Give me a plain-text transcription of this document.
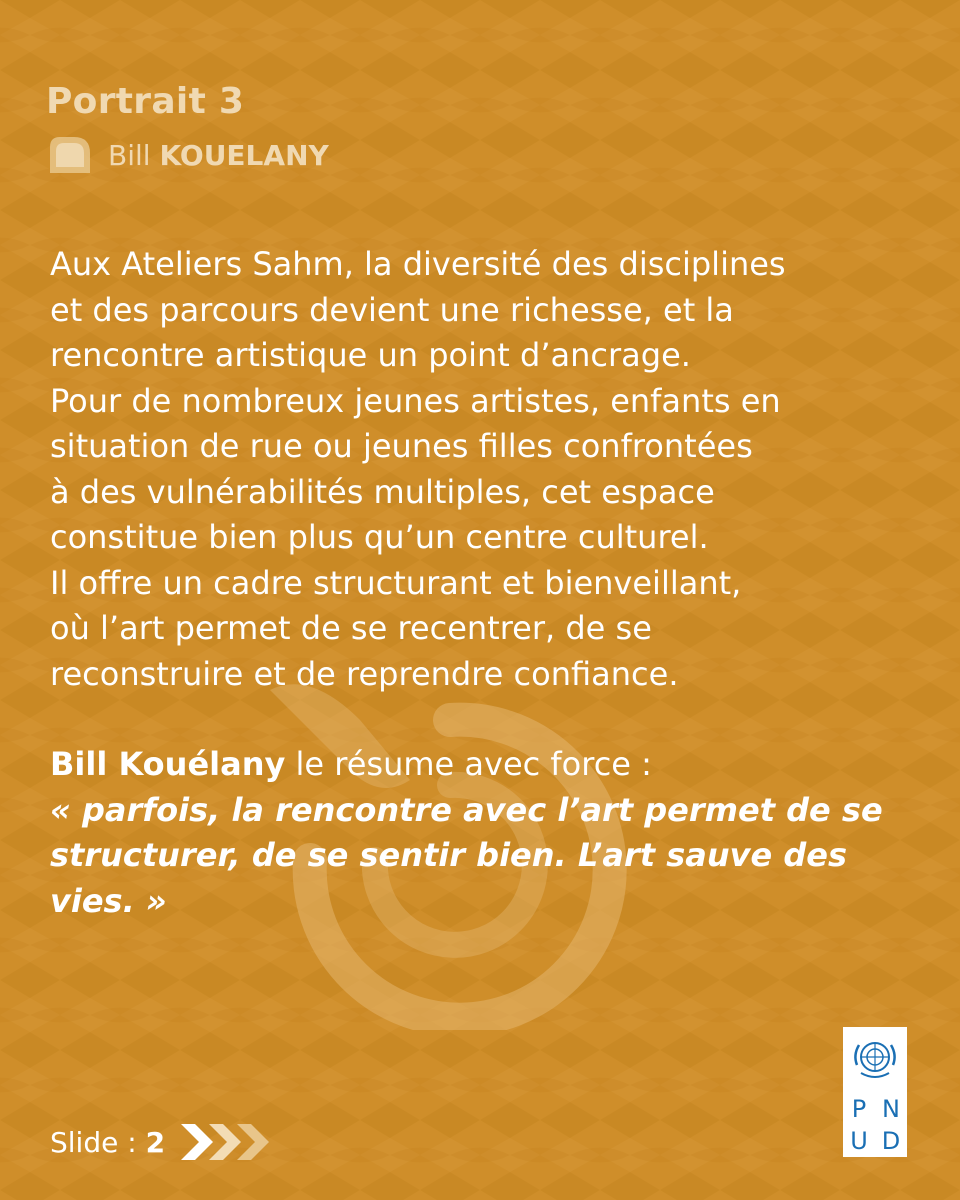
Portrait 3
Bill KOUELANY
Aux Ateliers Sahm, la diversité des disciplines
et des parcours devient une richesse, et la
rencontre artistique un point d’ancrage.
Pour de nombreux jeunes artistes, enfants en
situation de rue ou jeunes filles confrontées
à des vulnérabilités multiples, cet espace
constitue bien plus qu’un centre culturel.
Il offre un cadre structurant et bienveillant,
où l’art permet de se recentrer, de se
reconstruire et de reprendre confiance.
Bill Kouélany le résume avec force :
« parfois, la rencontre avec l’art permet de se structurer, de se sentir bien. L’art sauve des vies. »
Slide : 2
P N
U D
